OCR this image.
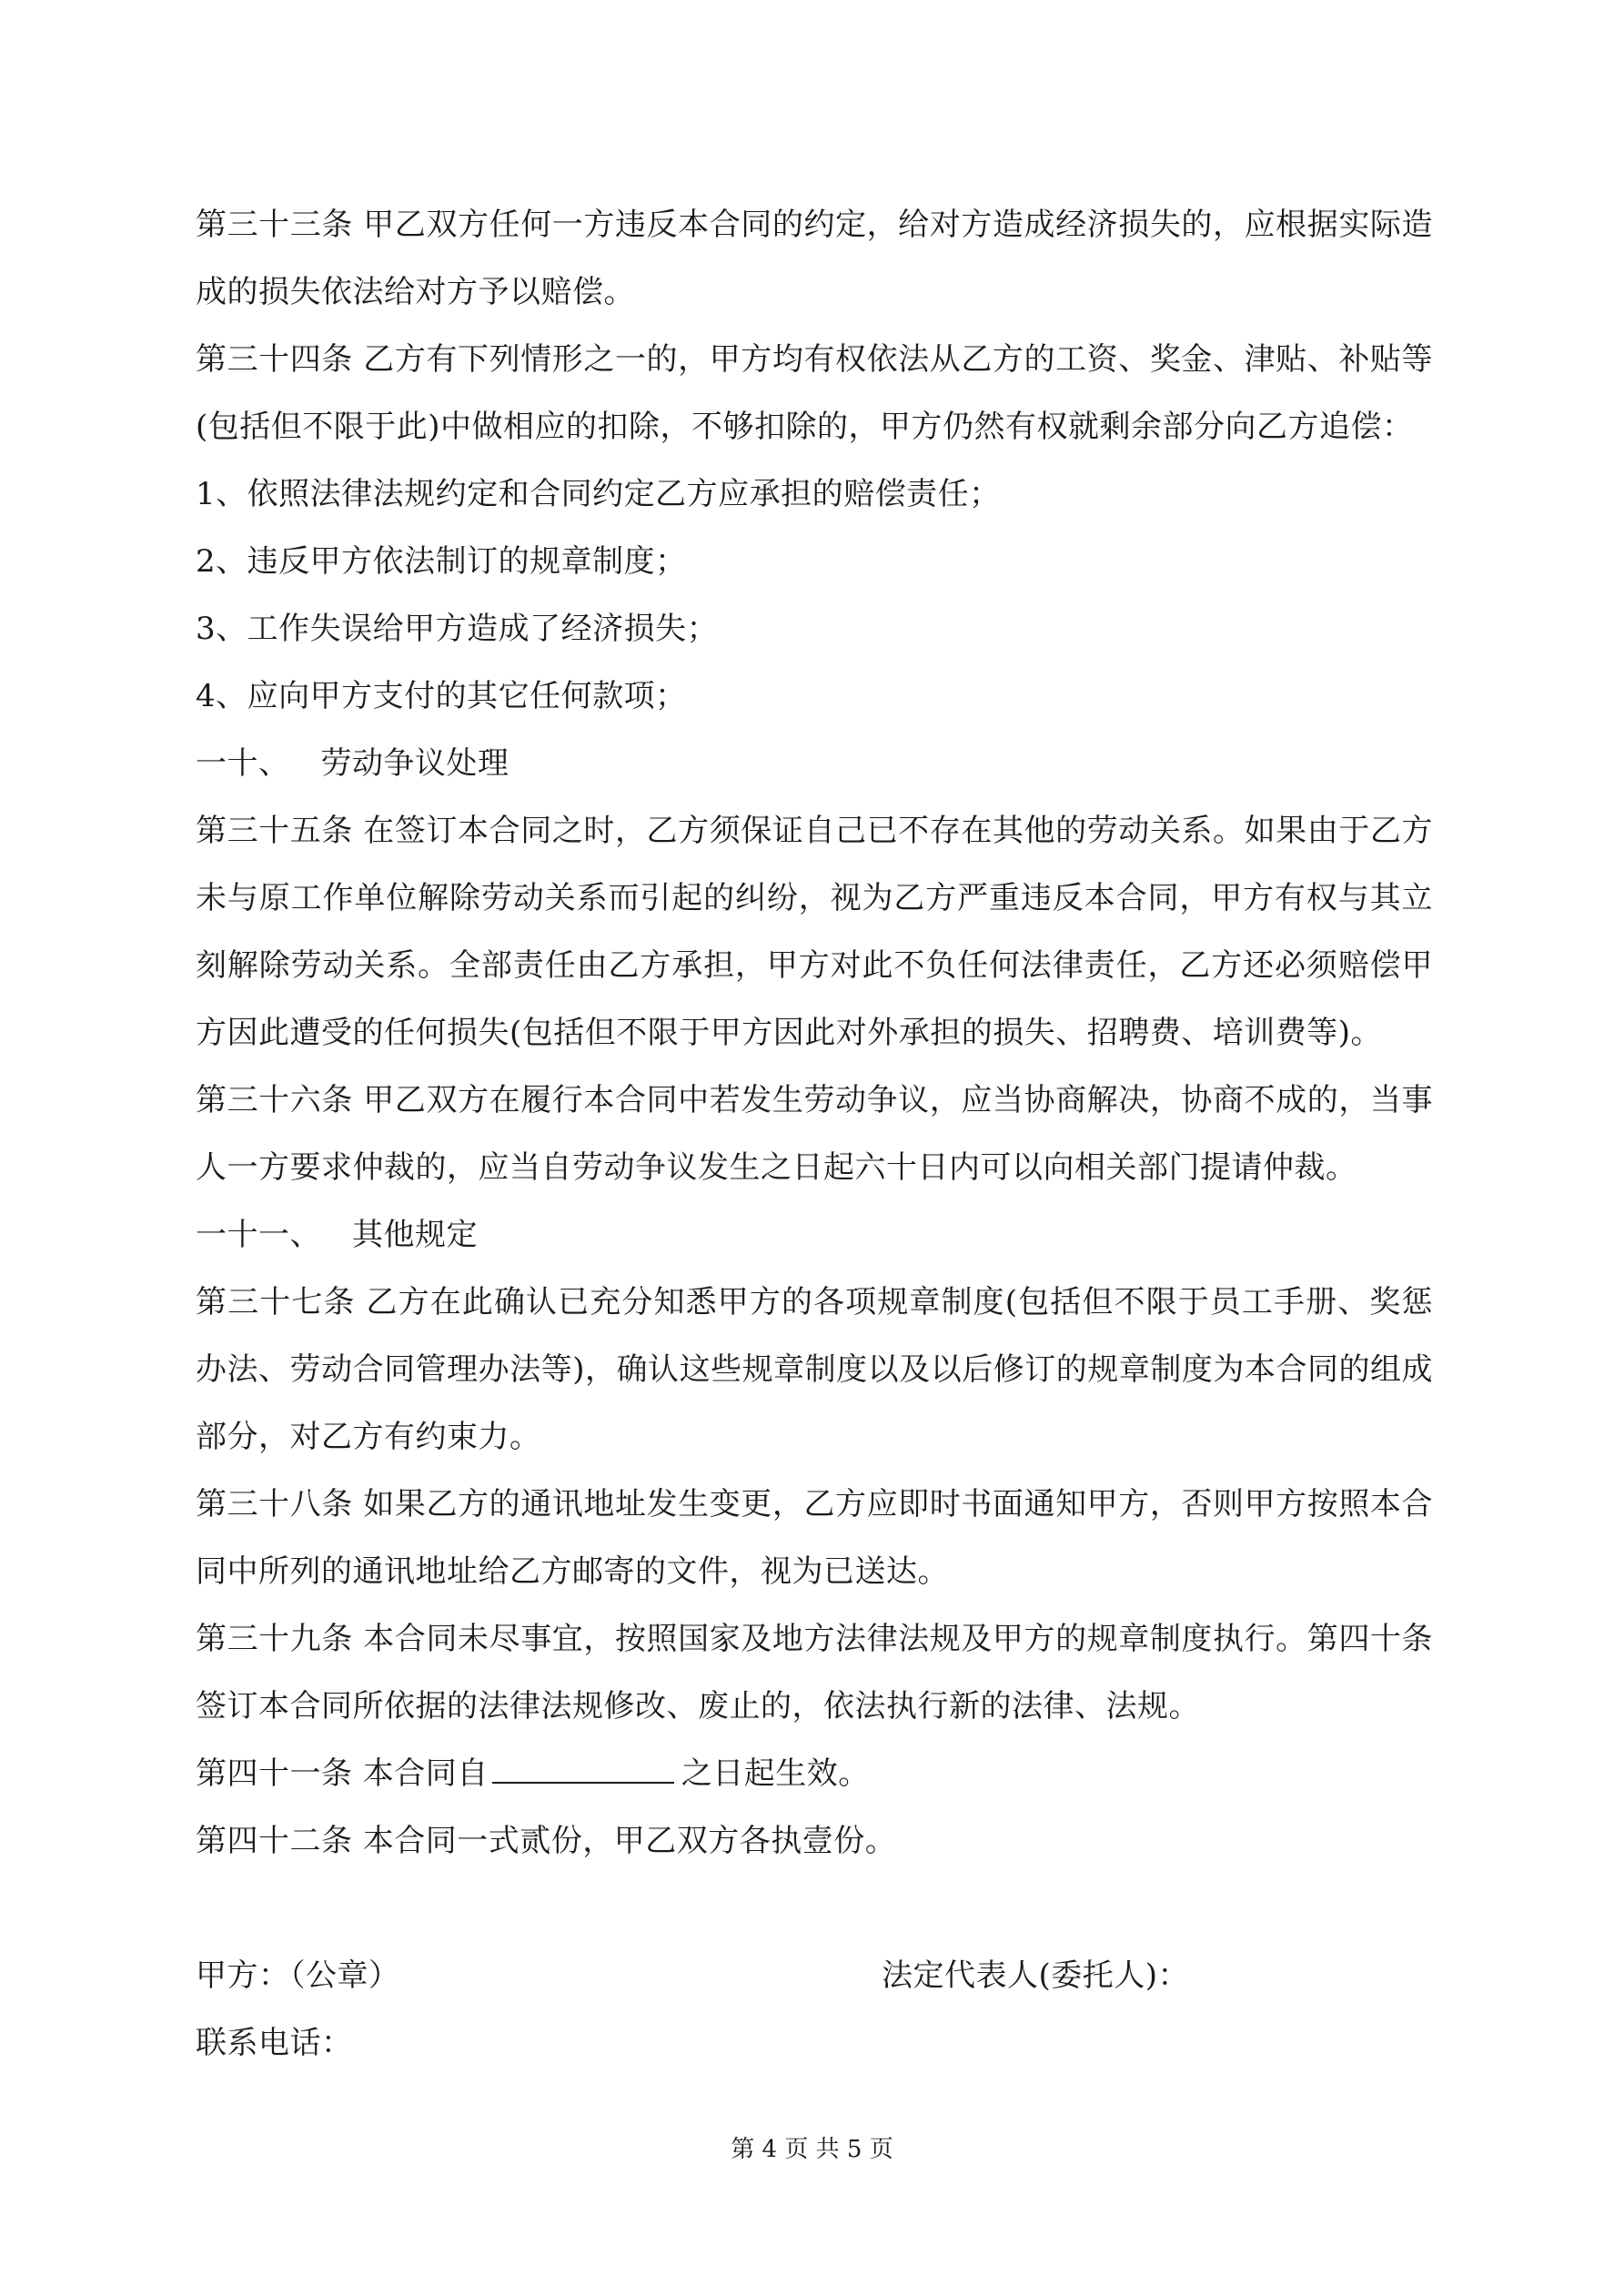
第三十三条 甲乙双方任何一方违反本合同的约定，给对方造成经济损失的，应根据实际造成的损失依法给对方予以赔偿。

第三十四条 乙方有下列情形之一的，甲方均有权依法从乙方的工资、奖金、津贴、补贴等(包括但不限于此)中做相应的扣除，不够扣除的，甲方仍然有权就剩余部分向乙方追偿：

1、依照法律法规约定和合同约定乙方应承担的赔偿责任；

2、违反甲方依法制订的规章制度；

3、工作失误给甲方造成了经济损失；

4、应向甲方支付的其它任何款项；

一十、 劳动争议处理

第三十五条 在签订本合同之时，乙方须保证自己已不存在其他的劳动关系。如果由于乙方未与原工作单位解除劳动关系而引起的纠纷，视为乙方严重违反本合同，甲方有权与其立刻解除劳动关系。全部责任由乙方承担，甲方对此不负任何法律责任，乙方还必须赔偿甲方因此遭受的任何损失(包括但不限于甲方因此对外承担的损失、招聘费、培训费等)。

第三十六条 甲乙双方在履行本合同中若发生劳动争议，应当协商解决，协商不成的，当事人一方要求仲裁的，应当自劳动争议发生之日起六十日内可以向相关部门提请仲裁。

一十一、 其他规定

第三十七条 乙方在此确认已充分知悉甲方的各项规章制度(包括但不限于员工手册、奖惩办法、劳动合同管理办法等)，确认这些规章制度以及以后修订的规章制度为本合同的组成部分，对乙方有约束力。

第三十八条 如果乙方的通讯地址发生变更，乙方应即时书面通知甲方，否则甲方按照本合同中所列的通讯地址给乙方邮寄的文件，视为已送达。

第三十九条 本合同未尽事宜，按照国家及地方法律法规及甲方的规章制度执行。第四十条 签订本合同所依据的法律法规修改、废止的，依法执行新的法律、法规。

第四十一条 本合同自	之日起生效。

第四十二条 本合同一式贰份，甲乙双方各执壹份。

甲方：（公章）	法定代表人(委托人)：

联系电话：

第 4 页 共 5 页
